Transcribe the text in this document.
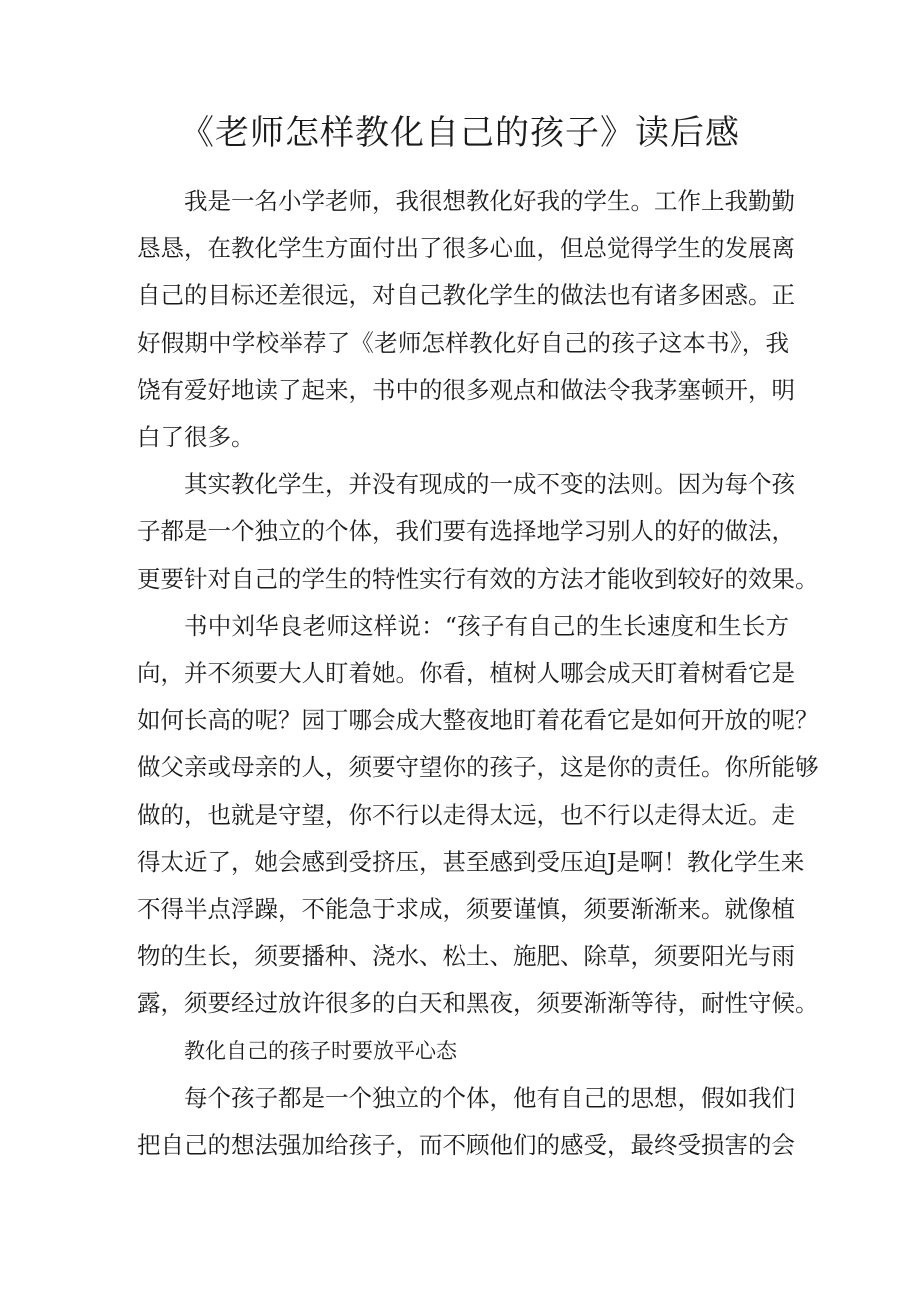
《老师怎样教化自己的孩子》读后感

我是一名小学老师，我很想教化好我的学生。工作上我勤勤
恳恳，在教化学生方面付出了很多心血，但总觉得学生的发展离
自己的目标还差很远，对自己教化学生的做法也有诸多困惑。正
好假期中学校举荐了《老师怎样教化好自己的孩子这本书》，我
饶有爱好地读了起来，书中的很多观点和做法令我茅塞顿开，明
白了很多。

其实教化学生，并没有现成的一成不变的法则。因为每个孩
子都是一个独立的个体，我们要有选择地学习别人的好的做法，
更要针对自己的学生的特性实行有效的方法才能收到较好的效果。

书中刘华良老师这样说：“孩子有自己的生长速度和生长方
向，并不须要大人盯着她。你看，植树人哪会成天盯着树看它是
如何长高的呢？园丁哪会成大整夜地盯着花看它是如何开放的呢？
做父亲或母亲的人，须要守望你的孩子，这是你的责任。你所能够
做的，也就是守望，你不行以走得太远，也不行以走得太近。走
得太近了，她会感到受挤压，甚至感到受压迫J是啊！教化学生来
不得半点浮躁，不能急于求成，须要谨慎，须要渐渐来。就像植
物的生长，须要播种、浇水、松土、施肥、除草，须要阳光与雨
露，须要经过放许很多的白天和黑夜，须要渐渐等待，耐性守候。

教化自己的孩子时要放平心态

每个孩子都是一个独立的个体，他有自己的思想，假如我们
把自己的想法强加给孩子，而不顾他们的感受，最终受损害的会
